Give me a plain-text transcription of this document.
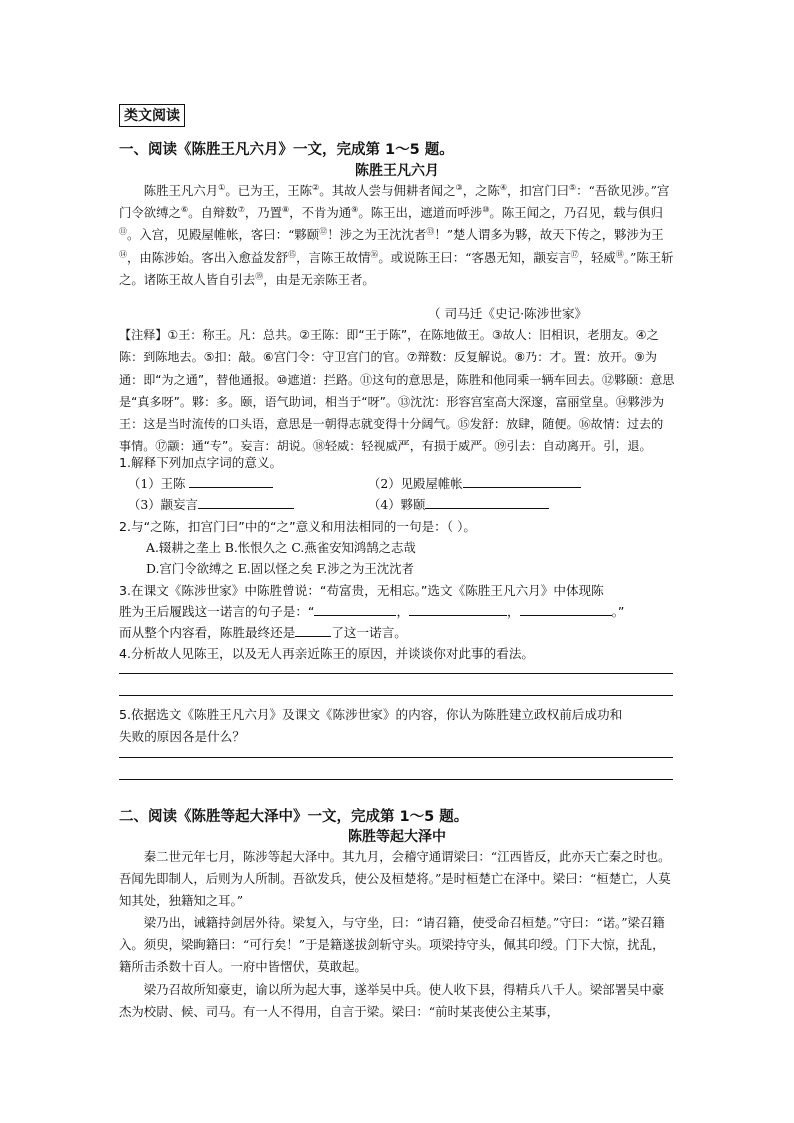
类文阅读
一、阅读《陈胜王凡六月》一文，完成第 1～5 题。
陈胜王凡六月

陈胜王凡六月①。已为王，王陈②。其故人尝与佣耕者闻之③，之陈④，扣宫门曰⑤：“吾欲见涉。”宫门令欲缚之⑥。自辩数⑦，乃置⑧，不肯为通⑨。陈王出，遮道而呼涉⑩。陈王闻之，乃召见，载与俱归⑪。入宫，见殿屋帷帐，客曰：“夥颐⑫！涉之为王沈沈者⑬！”楚人谓多为夥，故天下传之，夥涉为王⑭，由陈涉始。客出入愈益发舒⑮，言陈王故情⑯。或说陈王曰：“客愚无知，颛妄言⑰，轻威⑱。”陈王斩之。诸陈王故人皆自引去⑲，由是无亲陈王者。

（ 司马迁《史记·陈涉世家》
【注释】①王：称王。凡：总共。②王陈：即“王于陈”，在陈地做王。③故人：旧相识，老朋友。④之陈：到陈地去。⑤扣：敲。⑥宫门令：守卫宫门的官。⑦辩数：反复解说。⑧乃：才。置：放开。⑨为通：即“为之通”，替他通报。⑩遮道：拦路。⑪这句的意思是，陈胜和他同乘一辆车回去。⑫夥颐：意思是“真多呀”。夥：多。颐，语气助词，相当于“呀”。⑬沈沈：形容宫室高大深邃，富丽堂皇。⑭夥涉为王：这是当时流传的口头语，意思是一朝得志就变得十分阔气。⑮发舒：放肆，随便。⑯故情：过去的事情。⑰颛：通“专”。妄言：胡说。⑱轻威：轻视威严，有损于威严。⑲引去：自动离开。引，退。
1.解释下列加点字词的意义。
（1）王陈	（2）见殿屋帷帐
（3）颛妄言	（4）夥颐
2.与“之陈，扣宫门曰”中的“之”意义和用法相同的一句是：（ ）。
A.辍耕之垄上 B.怅恨久之 C.燕雀安知鸿鹄之志哉
D.宫门令欲缚之 E.固以怪之矣 F.涉之为王沈沈者
3.在课文《陈涉世家》中陈胜曾说：“苟富贵，无相忘。”选文《陈胜王凡六月》中体现陈
胜为王后履践这一诺言的句子是：“	，	，	。”
而从整个内容看，陈胜最终还是	了这一诺言。
4.分析故人见陈王，以及无人再亲近陈王的原因，并谈谈你对此事的看法。
5.依据选文《陈胜王凡六月》及课文《陈涉世家》的内容，你认为陈胜建立政权前后成功和
失败的原因各是什么？
二、阅读《陈胜等起大泽中》一文，完成第 1～5 题。
陈胜等起大泽中

秦二世元年七月，陈涉等起大泽中。其九月，会稽守通谓梁曰：“江西皆反，此亦天亡秦之时也。吾闻先即制人，后则为人所制。吾欲发兵，使公及桓楚将。”是时桓楚亡在泽中。梁曰：“桓楚亡，人莫知其处，独籍知之耳。”

梁乃出，诫籍持剑居外待。梁复入，与守坐，曰：“请召籍，使受命召桓楚。”守曰：“诺。”梁召籍入。须臾，梁眴籍曰：“可行矣！”于是籍遂拔剑斩守头。项梁持守头，佩其印绶。门下大惊，扰乱，籍所击杀数十百人。一府中皆慴伏，莫敢起。

梁乃召故所知豪吏，谕以所为起大事，遂举吴中兵。使人收下县，得精兵八千人。梁部署吴中豪杰为校尉、候、司马。有一人不得用，自言于梁。梁曰：“前时某丧使公主某事，
